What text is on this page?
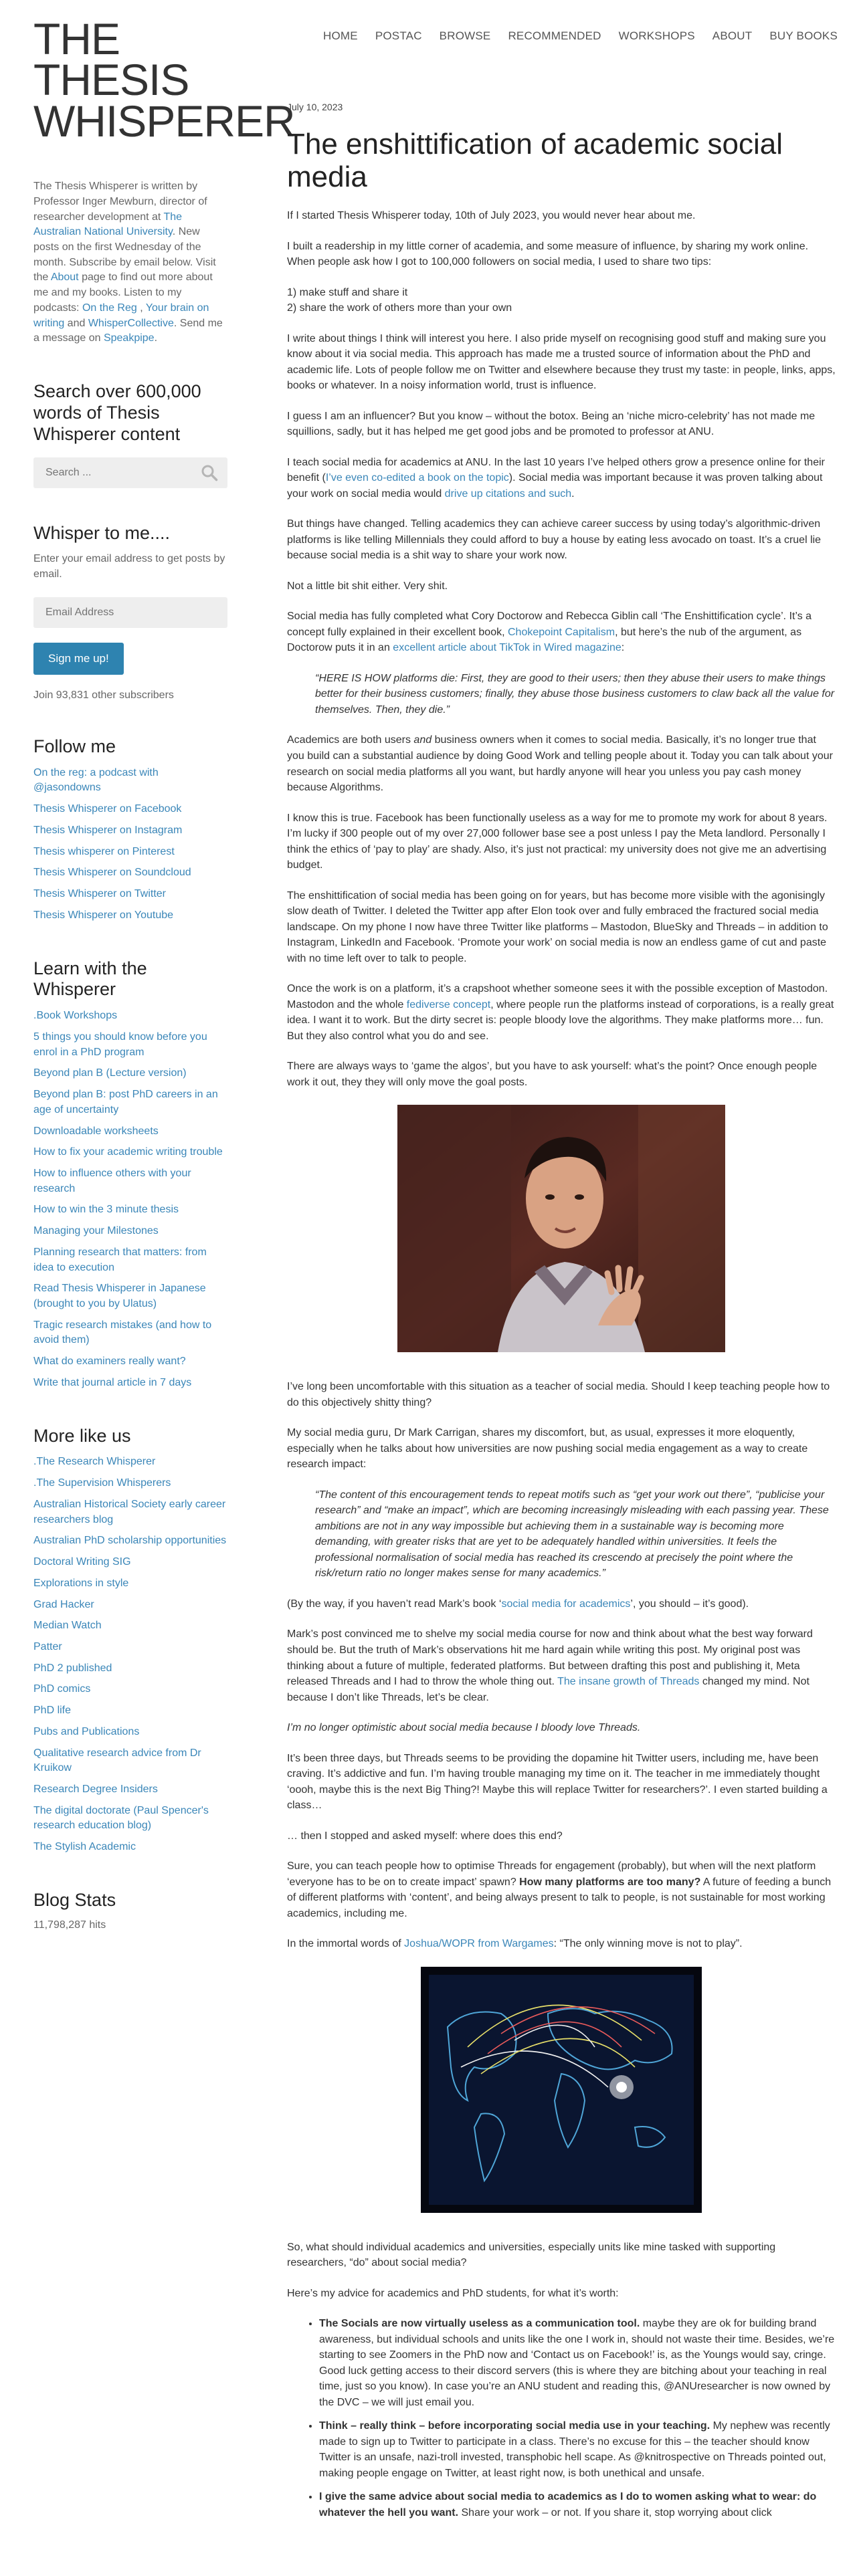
HOME POSTAC BROWSE RECOMMENDED WORKSHOPS ABOUT BUY BOOKS
THE
THESIS
WHISPERER
The Thesis Whisperer is written by Professor Inger Mewburn, director of researcher development at The Australian National University. New posts on the first Wednesday of the month. Subscribe by email below. Visit the About page to find out more about me and my books. Listen to my podcasts: On the Reg , Your brain on writing and WhisperCollective. Send me a message on Speakpipe.
Search over 600,000 words of Thesis Whisperer content
Search ...
Whisper to me....
Enter your email address to get posts by email.
Email Address
Sign me up!
Join 93,831 other subscribers
Follow me
On the reg: a podcast with @jasondowns
Thesis Whisperer on Facebook
Thesis Whisperer on Instagram
Thesis whisperer on Pinterest
Thesis Whisperer on Soundcloud
Thesis Whisperer on Twitter
Thesis Whisperer on Youtube
Learn with the Whisperer
.Book Workshops
5 things you should know before you enrol in a PhD program
Beyond plan B (Lecture version)
Beyond plan B: post PhD careers in an age of uncertainty
Downloadable worksheets
How to fix your academic writing trouble
How to influence others with your research
How to win the 3 minute thesis
Managing your Milestones
Planning research that matters: from idea to execution
Read Thesis Whisperer in Japanese (brought to you by Ulatus)
Tragic research mistakes (and how to avoid them)
What do examiners really want?
Write that journal article in 7 days
More like us
.The Research Whisperer
.The Supervision Whisperers
Australian Historical Society early career researchers blog
Australian PhD scholarship opportunities
Doctoral Writing SIG
Explorations in style
Grad Hacker
Median Watch
Patter
PhD 2 published
PhD comics
PhD life
Pubs and Publications
Qualitative research advice from Dr Kruikow
Research Degree Insiders
The digital doctorate (Paul Spencer's research education blog)
The Stylish Academic
Blog Stats
11,798,287 hits
July 10, 2023
The enshittification of academic social media

If I started Thesis Whisperer today, 10th of July 2023, you would never hear about me.

I built a readership in my little corner of academia, and some measure of influence, by sharing my work online. When people ask how I got to 100,000 followers on social media, I used to share two tips:

1) make stuff and share it
2) share the work of others more than your own

I write about things I think will interest you here. I also pride myself on recognising good stuff and making sure you know about it via social media. This approach has made me a trusted source of information about the PhD and academic life. Lots of people follow me on Twitter and elsewhere because they trust my taste: in people, links, apps, books or whatever. In a noisy information world, trust is influence.

I guess I am an influencer? But you know – without the botox. Being an ‘niche micro-celebrity’ has not made me squillions, sadly, but it has helped me get good jobs and be promoted to professor at ANU.

I teach social media for academics at ANU. In the last 10 years I’ve helped others grow a presence online for their benefit (I’ve even co-edited a book on the topic). Social media was important because it was proven talking about your work on social media would drive up citations and such.

But things have changed. Telling academics they can achieve career success by using today’s algorithmic-driven platforms is like telling Millennials they could afford to buy a house by eating less avocado on toast. It’s a cruel lie because social media is a shit way to share your work now.

Not a little bit shit either. Very shit.

Social media has fully completed what Cory Doctorow and Rebecca Giblin call ‘The Enshittification cycle’. It’s a concept fully explained in their excellent book, Chokepoint Capitalism, but here’s the nub of the argument, as Doctorow puts it in an excellent article about TikTok in Wired magazine:

“HERE IS HOW platforms die: First, they are good to their users; then they abuse their users to make things better for their business customers; finally, they abuse those business customers to claw back all the value for themselves. Then, they die.”

Academics are both users and business owners when it comes to social media. Basically, it’s no longer true that you build can a substantial audience by doing Good Work and telling people about it. Today you can talk about your research on social media platforms all you want, but hardly anyone will hear you unless you pay cash money because Algorithms.

I know this is true. Facebook has been functionally useless as a way for me to promote my work for about 8 years. I’m lucky if 300 people out of my over 27,000 follower base see a post unless I pay the Meta landlord. Personally I think the ethics of ‘pay to play’ are shady. Also, it’s just not practical: my university does not give me an advertising budget.

The enshittification of social media has been going on for years, but has become more visible with the agonisingly slow death of Twitter. I deleted the Twitter app after Elon took over and fully embraced the fractured social media landscape. On my phone I now have three Twitter like platforms – Mastodon, BlueSky and Threads – in addition to Instagram, LinkedIn and Facebook. ‘Promote your work’ on social media is now an endless game of cut and paste with no time left over to talk to people.

Once the work is on a platform, it’s a crapshoot whether someone sees it with the possible exception of Mastodon. Mastodon and the whole fediverse concept, where people run the platforms instead of corporations, is a really great idea. I want it to work. But the dirty secret is: people bloody love the algorithms. They make platforms more… fun. But they also control what you do and see.

There are always ways to ‘game the algos’, but you have to ask yourself: what’s the point? Once enough people work it out, they they will only move the goal posts.

I’ve long been uncomfortable with this situation as a teacher of social media. Should I keep teaching people how to do this objectively shitty thing?

My social media guru, Dr Mark Carrigan, shares my discomfort, but, as usual, expresses it more eloquently, especially when he talks about how universities are now pushing social media engagement as a way to create research impact:

“The content of this encouragement tends to repeat motifs such as “get your work out there”, “publicise your research” and “make an impact”, which are becoming increasingly misleading with each passing year. These ambitions are not in any way impossible but achieving them in a sustainable way is becoming more demanding, with greater risks that are yet to be adequately handled within universities. It feels the professional normalisation of social media has reached its crescendo at precisely the point where the risk/return ratio no longer makes sense for many academics.”

(By the way, if you haven’t read Mark’s book ‘social media for academics’, you should – it’s good).

Mark’s post convinced me to shelve my social media course for now and think about what the best way forward should be. But the truth of Mark’s observations hit me hard again while writing this post. My original post was thinking about a future of multiple, federated platforms. But between drafting this post and publishing it, Meta released Threads and I had to throw the whole thing out. The insane growth of Threads changed my mind. Not because I don’t like Threads, let’s be clear.

I’m no longer optimistic about social media because I bloody love Threads.

It’s been three days, but Threads seems to be providing the dopamine hit Twitter users, including me, have been craving. It’s addictive and fun. I’m having trouble managing my time on it. The teacher in me immediately thought ‘oooh, maybe this is the next Big Thing?! Maybe this will replace Twitter for researchers?’. I even started building a class…

… then I stopped and asked myself: where does this end?

Sure, you can teach people how to optimise Threads for engagement (probably), but when will the next platform ‘everyone has to be on to create impact’ spawn? How many platforms are too many? A future of feeding a bunch of different platforms with ‘content’, and being always present to talk to people, is not sustainable for most working academics, including me.

In the immortal words of Joshua/WOPR from Wargames: “The only winning move is not to play”.

So, what should individual academics and universities, especially units like mine tasked with supporting researchers, “do” about social media?

Here’s my advice for academics and PhD students, for what it’s worth:

• The Socials are now virtually useless as a communication tool. maybe they are ok for building brand awareness, but individual schools and units like the one I work in, should not waste their time. Besides, we’re starting to see Zoomers in the PhD now and ‘Contact us on Facebook!’ is, as the Youngs would say, cringe. Good luck getting access to their discord servers (this is where they are bitching about your teaching in real time, just so you know). In case you’re an ANU student and reading this, @ANUresearcher is now owned by the DVC – we will just email you.
• Think – really think – before incorporating social media use in your teaching. My nephew was recently made to sign up to Twitter to participate in a class. There’s no excuse for this – the teacher should know Twitter is an unsafe, nazi-troll invested, transphobic hell scape. As @knitrospective on Threads pointed out, making people engage on Twitter, at least right now, is both unethical and unsafe.
• I give the same advice about social media to academics as I do to women asking what to wear: do whatever the hell you want. Share your work – or not. If you share it, stop worrying about click
